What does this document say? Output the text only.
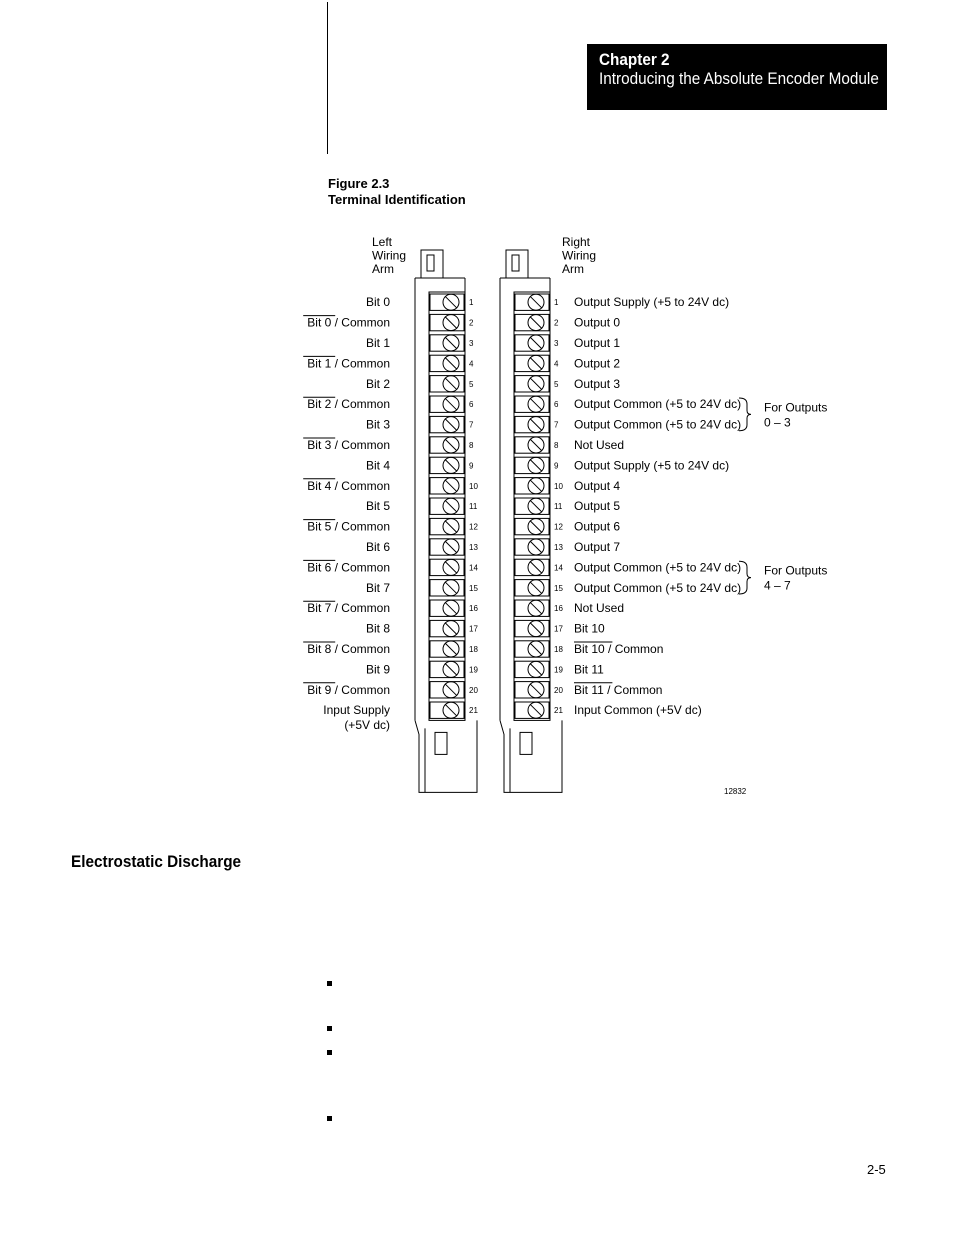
Chapter 2
Introducing the Absolute Encoder Module
Figure 2.3
Terminal Identification
Left
Wiring
Arm
Right
Wiring
Arm
1
2
3
4
5
6
7
8
9
10
11
12
13
14
15
16
17
18
19
20
21
1
2
3
4
5
6
7
8
9
10
11
12
13
14
15
16
17
18
19
20
21
Bit 0
Bit 0 / Common
Bit 1
Bit 1 / Common
Bit 2
Bit 2 / Common
Bit 3
Bit 3 / Common
Bit 4
Bit 4 / Common
Bit 5
Bit 5 / Common
Bit 6
Bit 6 / Common
Bit 7
Bit 7 / Common
Bit 8
Bit 8 / Common
Bit 9
Bit 9 / Common
Input Supply
(+5V dc)
Output Supply (+5 to 24V dc)
Output 0
Output 1
Output 2
Output 3
Output Common (+5 to 24V dc)
Output Common (+5 to 24V dc)
Not Used
Output Supply (+5 to 24V dc)
Output 4
Output 5
Output 6
Output 7
Output Common (+5 to 24V dc)
Output Common (+5 to 24V dc)
Not Used
Bit 10
Bit 10 / Common
Bit 11
Bit 11 / Common
Input Common (+5V dc)
For Outputs
0 – 3
For Outputs
4 – 7
12832
Electrostatic Discharge
2-5
